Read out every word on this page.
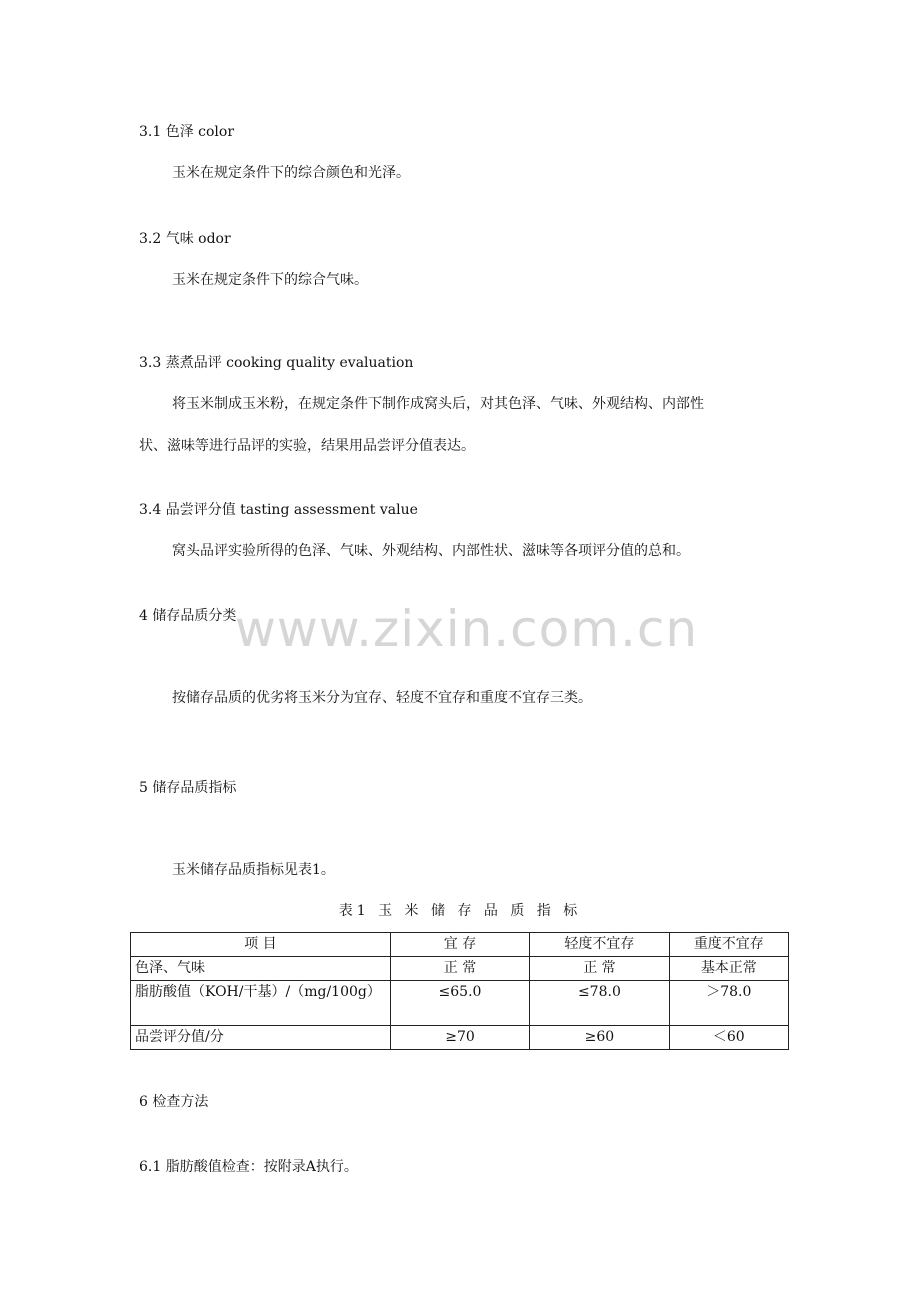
www.zixin.com.cn
3.1 色泽 color
玉米在规定条件下的综合颜色和光泽。
3.2 气味 odor
玉米在规定条件下的综合气味。
3.3 蒸煮品评 cooking quality evaluation
将玉米制成玉米粉，在规定条件下制作成窝头后，对其色泽、气味、外观结构、内部性
状、滋味等进行品评的实验，结果用品尝评分值表达。
3.4 品尝评分值 tasting assessment value
窝头品评实验所得的色泽、气味、外观结构、内部性状、滋味等各项评分值的总和。
4 储存品质分类
按储存品质的优劣将玉米分为宜存、轻度不宜存和重度不宜存三类。
5 储存品质指标
玉米储存品质指标见表1。
表1 玉 米 储 存 品 质 指 标
项 目	宜 存	轻度不宜存	重度不宜存
色泽、气味	正 常	正 常	基本正常
脂肪酸值（KOH/干基）/（mg/100g）	≤65.0	≤78.0	＞78.0
品尝评分值/分	≥70	≥60	＜60
6 检查方法
6.1 脂肪酸值检查：按附录A执行。
